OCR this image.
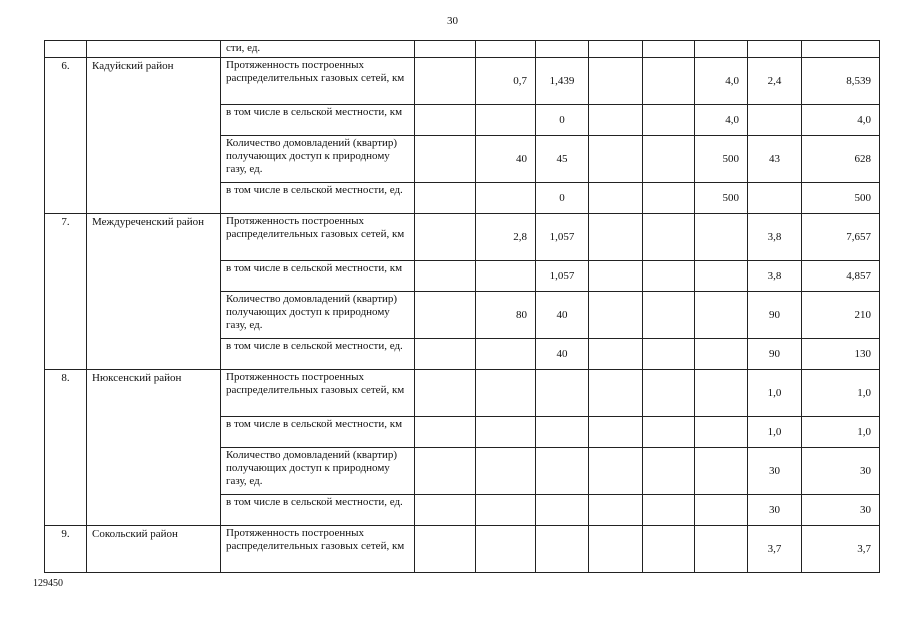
30
		сти, ед.								
6.	Кадуйский район	Протяженность построенных распределительных газовых сетей, км		0,7	1,439			4,0	2,4	8,539
		в том числе в сельской местности, км			0			4,0		4,0
		Количество домовладений (квартир) получающих доступ к природному газу, ед.		40	45			500	43	628
		в том числе в сельской местности, ед.			0			500		500
7.	Междуреченский район	Протяженность построенных распределительных газовых сетей, км		2,8	1,057				3,8	7,657
		в том числе в сельской местности, км			1,057				3,8	4,857
		Количество домовладений (квартир) получающих доступ к природному газу, ед.		80	40				90	210
		в том числе в сельской местности, ед.			40				90	130
8.	Нюксенский район	Протяженность построенных распределительных газовых сетей, км							1,0	1,0
		в том числе в сельской местности, км							1,0	1,0
		Количество домовладений (квартир) получающих доступ к природному газу, ед.							30	30
		в том числе в сельской местности, ед.							30	30
9.	Сокольский район	Протяженность построенных распределительных газовых сетей, км							3,7	3,7
129450
